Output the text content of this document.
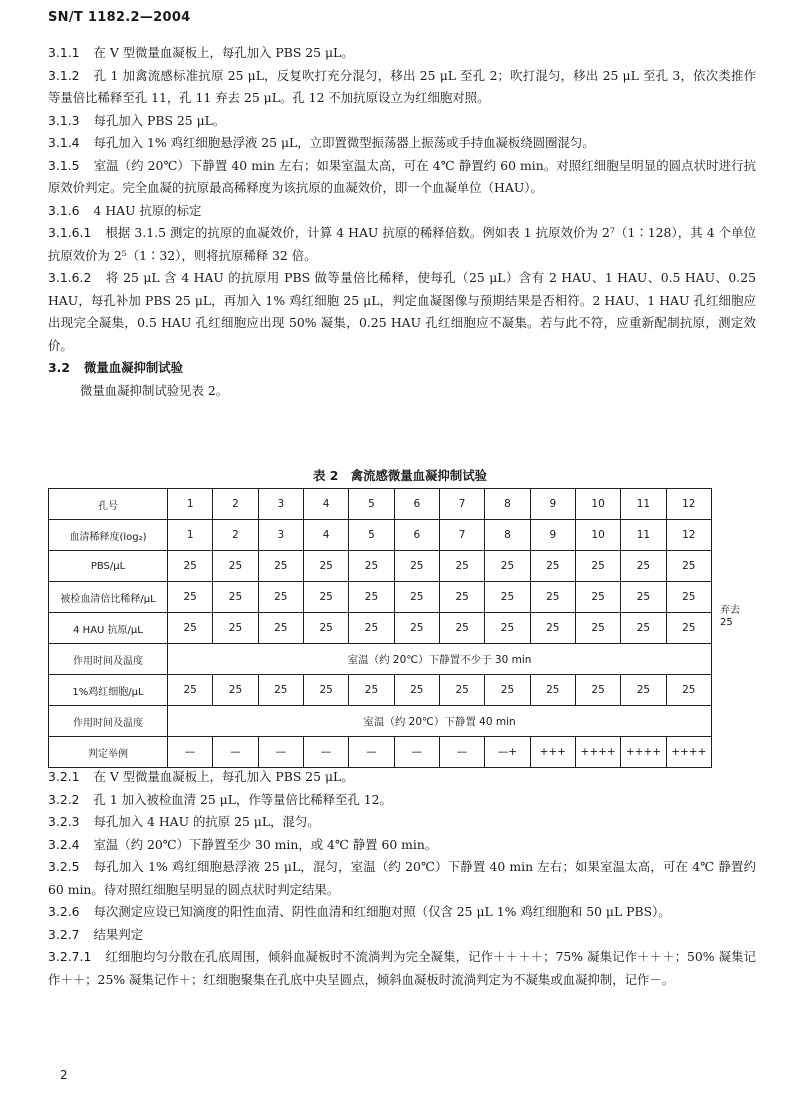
SN/T 1182.2—2004

3.1.1 在 V 型微量血凝板上，每孔加入 PBS 25 μL。

3.1.2 孔 1 加禽流感标准抗原 25 μL，反复吹打充分混匀，移出 25 μL 至孔 2；吹打混匀，移出 25 μL 至孔 3，依次类推作等量倍比稀释至孔 11，孔 11 弃去 25 μL。孔 12 不加抗原设立为红细胞对照。

3.1.3 每孔加入 PBS 25 μL。

3.1.4 每孔加入 1% 鸡红细胞悬浮液 25 μL，立即置微型振荡器上振荡或手持血凝板绕圆圈混匀。

3.1.5 室温（约 20℃）下静置 40 min 左右；如果室温太高，可在 4℃ 静置约 60 min。对照红细胞呈明显的圆点状时进行抗原效价判定。完全血凝的抗原最高稀释度为该抗原的血凝效价，即一个血凝单位（HAU）。

3.1.6 4 HAU 抗原的标定

3.1.6.1 根据 3.1.5 测定的抗原的血凝效价，计算 4 HAU 抗原的稀释倍数。例如表 1 抗原效价为 2⁷（1∶128），其 4 个单位抗原效价为 2⁵（1∶32），则将抗原稀释 32 倍。

3.1.6.2 将 25 μL 含 4 HAU 的抗原用 PBS 做等量倍比稀释，使每孔（25 μL）含有 2 HAU、1 HAU、0.5 HAU、0.25 HAU，每孔补加 PBS 25 μL，再加入 1% 鸡红细胞 25 μL，判定血凝图像与预期结果是否相符。2 HAU、1 HAU 孔红细胞应出现完全凝集，0.5 HAU 孔红细胞应出现 50% 凝集，0.25 HAU 孔红细胞应不凝集。若与此不符，应重新配制抗原，测定效价。

3.2 微量血凝抑制试验

微量血凝抑制试验见表 2。

表 2　禽流感微量血凝抑制试验
孔号	1	2	3	4	5	6	7	8	9	10	11	12
血清稀释度(log₂)	1	2	3	4	5	6	7	8	9	10	11	12
PBS/μL	25	25	25	25	25	25	25	25	25	25	25	25
被检血清倍比稀释/μL	25	25	25	25	25	25	25	25	25	25	25	25
4 HAU 抗原/μL	25	25	25	25	25	25	25	25	25	25	25	25
作用时间及温度	室温（约 20℃）下静置不少于 30 min											
1%鸡红细胞/μL	25	25	25	25	25	25	25	25	25	25	25	25
作用时间及温度	室温（约 20℃）下静置 40 min											
判定举例	—	—	—	—	—	—	—	—+	+++	++++	++++	++++
弃去
25

3.2.1 在 V 型微量血凝板上，每孔加入 PBS 25 μL。

3.2.2 孔 1 加入被检血清 25 μL，作等量倍比稀释至孔 12。

3.2.3 每孔加入 4 HAU 的抗原 25 μL，混匀。

3.2.4 室温（约 20℃）下静置至少 30 min，或 4℃ 静置 60 min。

3.2.5 每孔加入 1% 鸡红细胞悬浮液 25 μL，混匀，室温（约 20℃）下静置 40 min 左右；如果室温太高，可在 4℃ 静置约 60 min。待对照红细胞呈明显的圆点状时判定结果。

3.2.6 每次测定应设已知滴度的阳性血清、阴性血清和红细胞对照（仅含 25 μL 1% 鸡红细胞和 50 μL PBS）。

3.2.7 结果判定

3.2.7.1 红细胞均匀分散在孔底周围，倾斜血凝板时不流淌判为完全凝集，记作＋＋＋＋；75% 凝集记作＋＋＋；50% 凝集记作＋＋；25% 凝集记作＋；红细胞聚集在孔底中央呈圆点，倾斜血凝板时流淌判定为不凝集或血凝抑制，记作－。

2
